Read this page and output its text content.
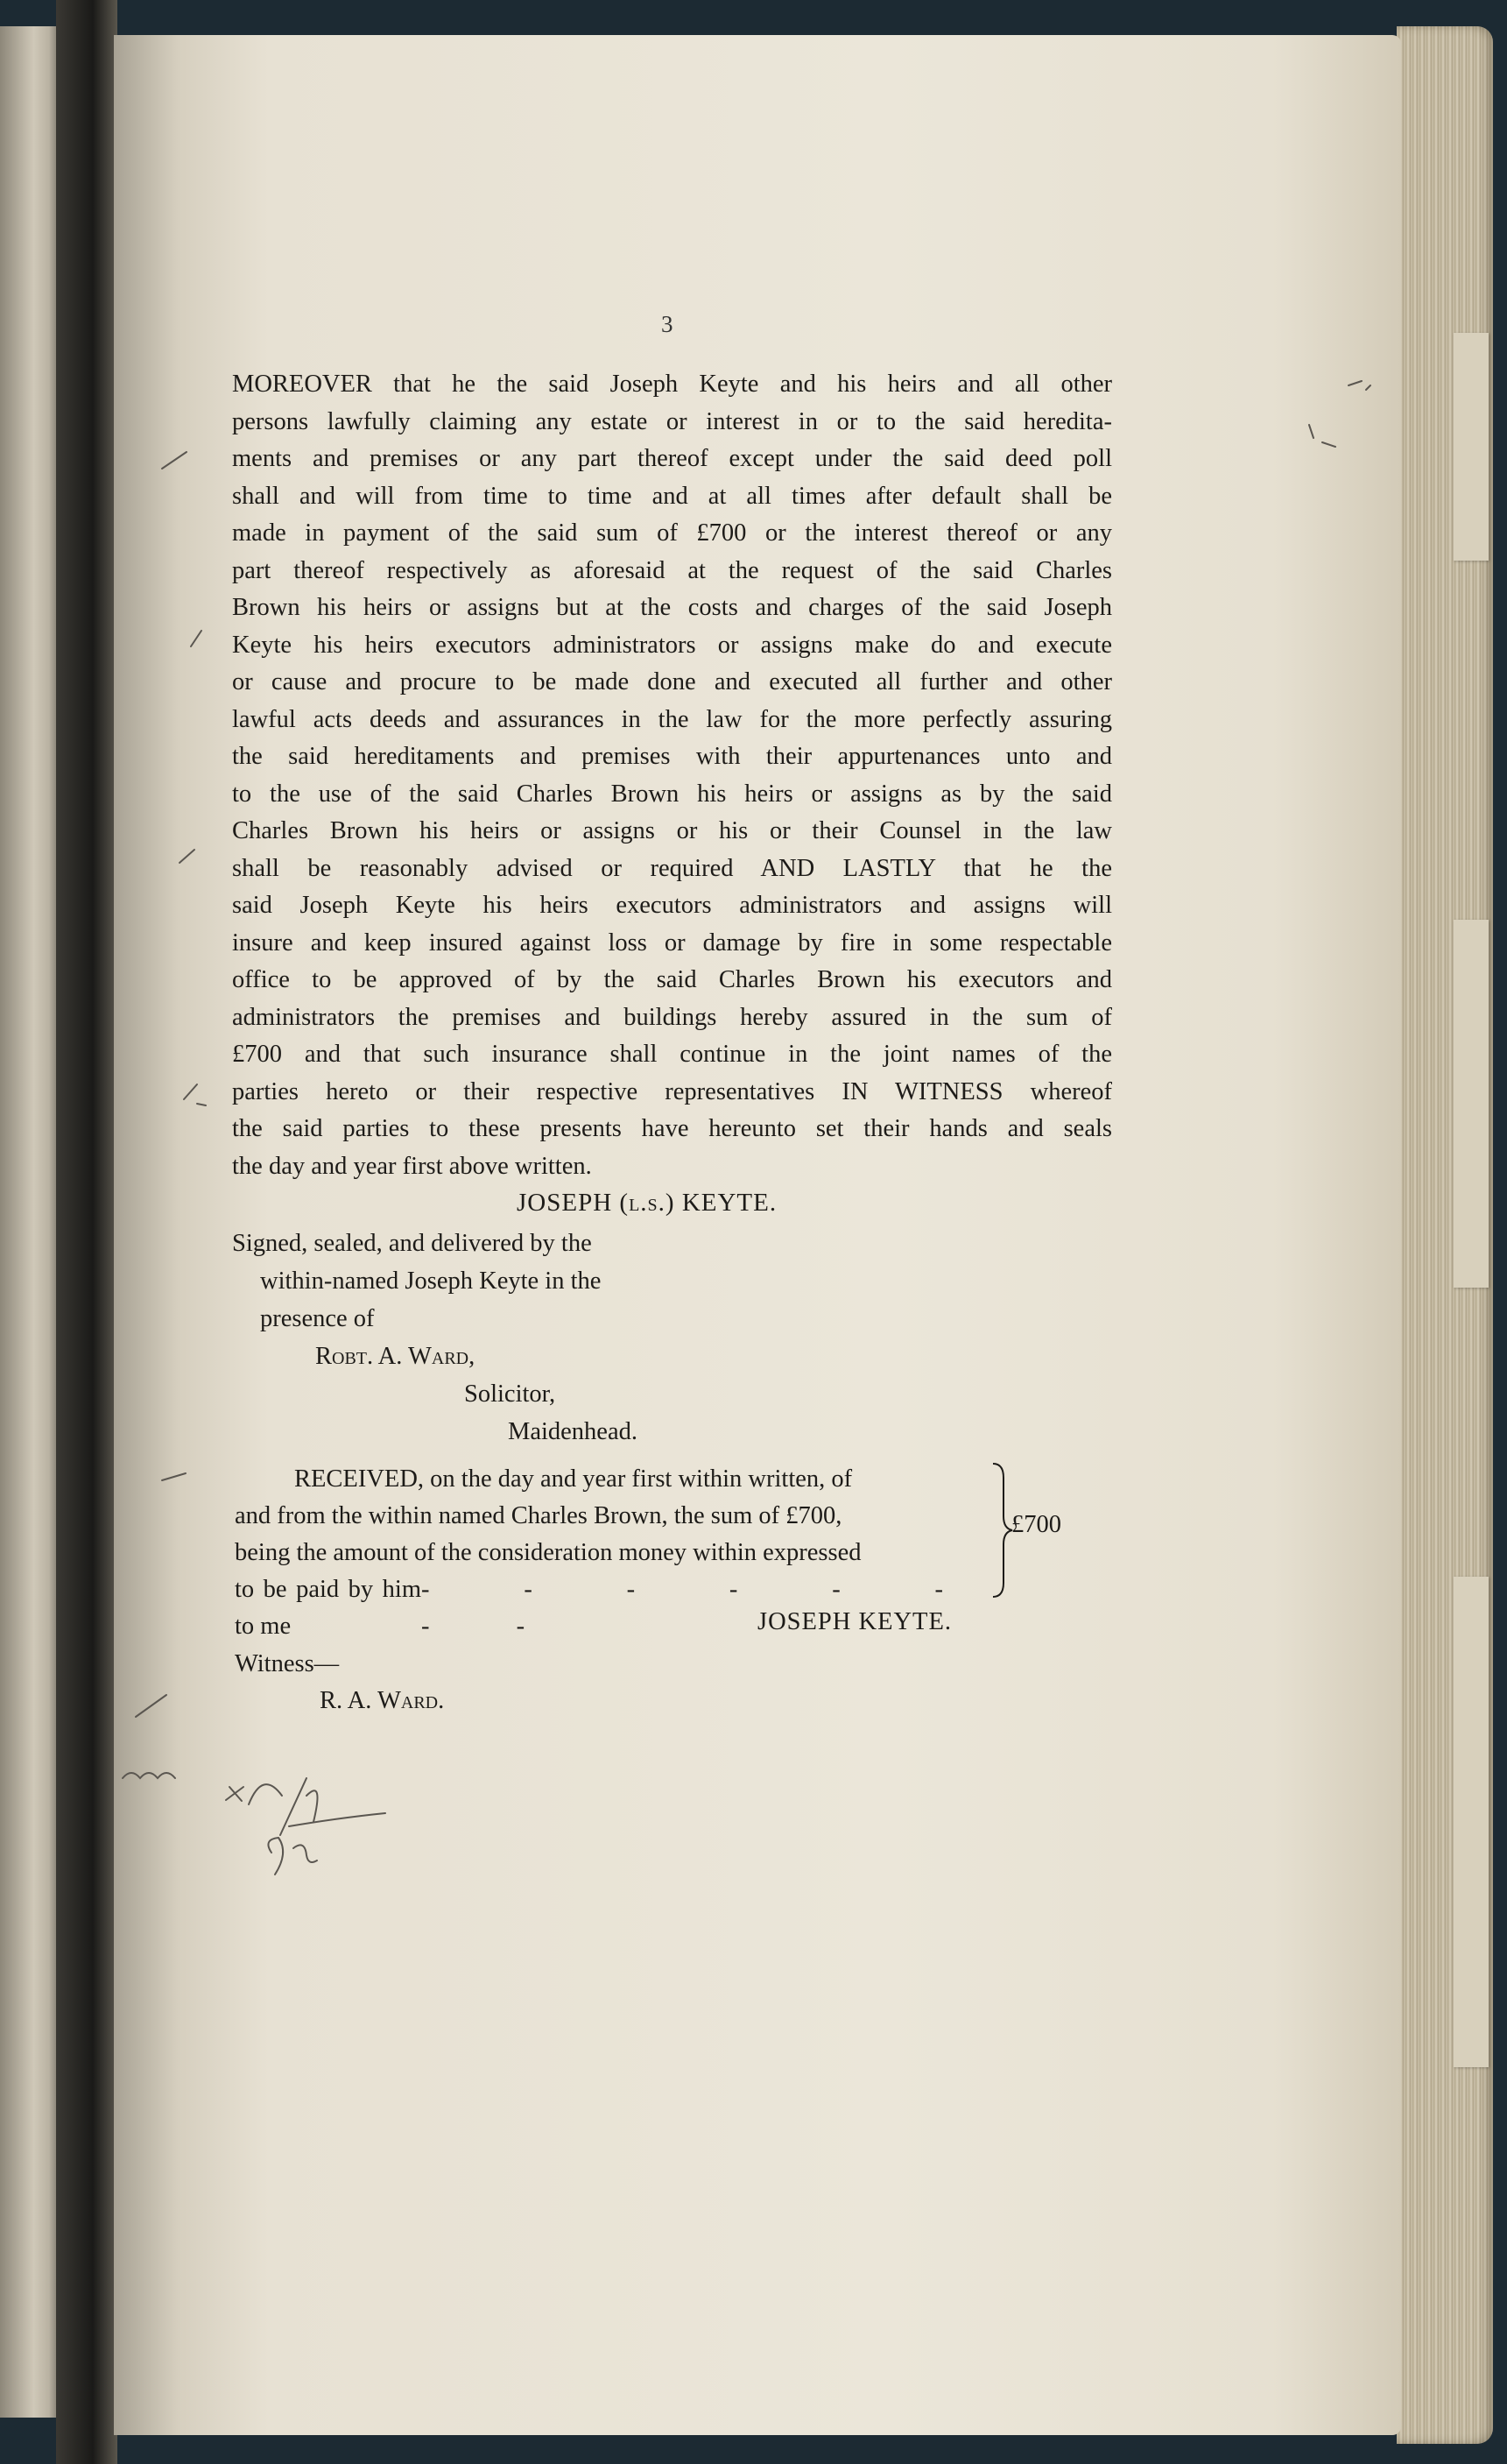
3
MOREOVER that he the said Joseph Keyte and his heirs and all other
persons lawfully claiming any estate or interest in or to the said heredita-
ments and premises or any part thereof except under the said deed poll
shall and will from time to time and at all times after default shall be
made in payment of the said sum of £700 or the interest thereof or any
part thereof respectively as aforesaid at the request of the said Charles
Brown his heirs or assigns but at the costs and charges of the said Joseph
Keyte his heirs executors administrators or assigns make do and execute
or cause and procure to be made done and executed all further and other
lawful acts deeds and assurances in the law for the more perfectly assuring
the said hereditaments and premises with their appurtenances unto and
to the use of the said Charles Brown his heirs or assigns as by the said
Charles Brown his heirs or assigns or his or their Counsel in the law
shall be reasonably advised or required AND LASTLY that he the
said Joseph Keyte his heirs executors administrators and assigns will
insure and keep insured against loss or damage by fire in some respectable
office to be approved of by the said Charles Brown his executors and
administrators the premises and buildings hereby assured in the sum of
£700 and that such insurance shall continue in the joint names of the
parties hereto or their respective representatives IN WITNESS whereof
the said parties to these presents have hereunto set their hands and seals
the day and year first above written.
JOSEPH (l.s.) KEYTE.
Signed, sealed, and delivered by the
within-named Joseph Keyte in the
presence of
Robt. A. Ward,
Solicitor,
Maidenhead.
RECEIVED, on the day and year first within written, of
and from the within named Charles Brown, the sum of £700,
being the amount of the consideration money within expressed
to be paid by him to me
- - - - - - - -
£700
JOSEPH KEYTE.
Witness—
R. A. Ward.
